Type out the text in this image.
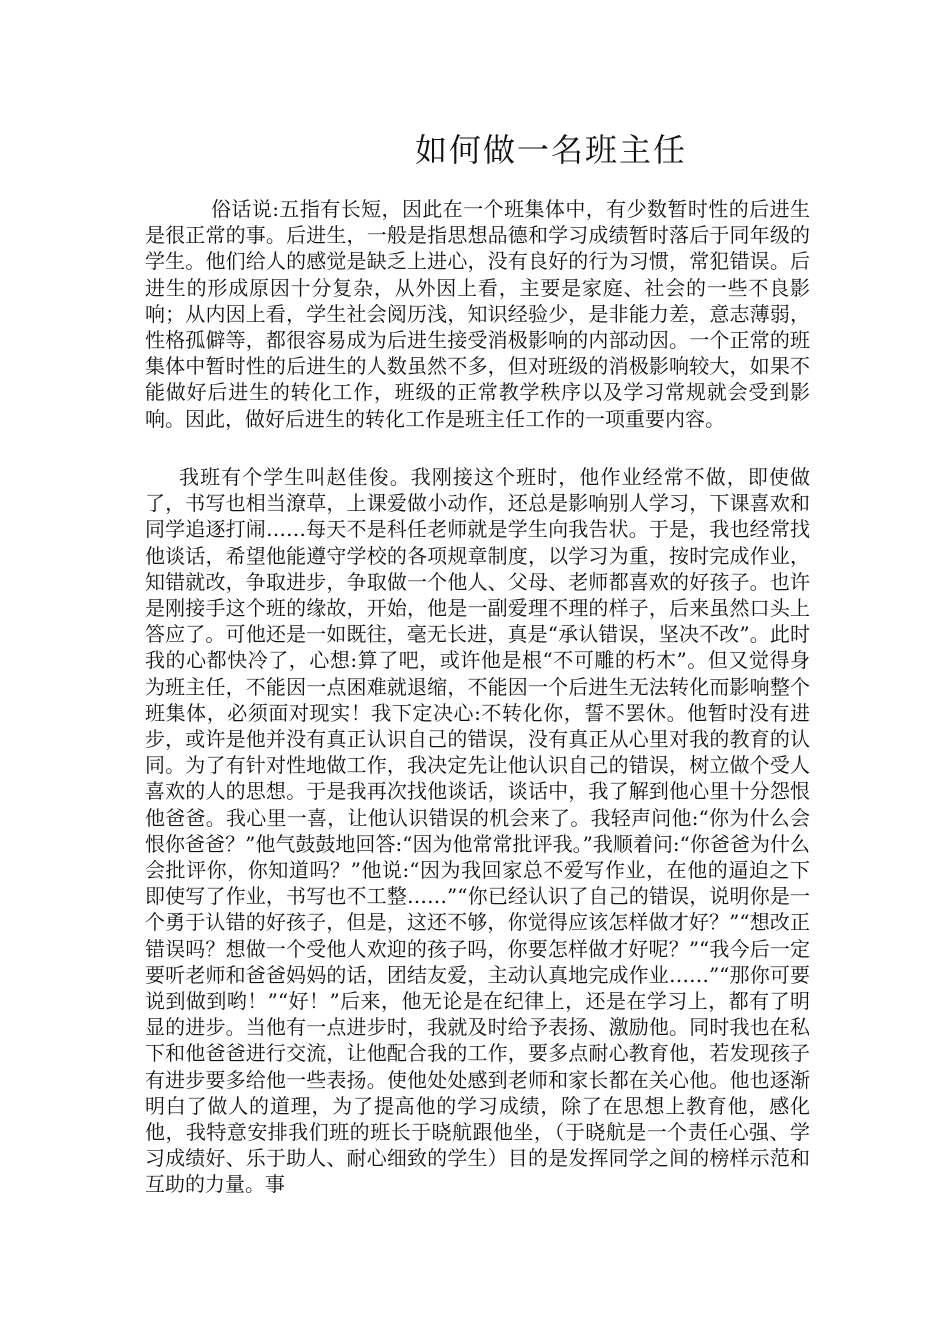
如何做一名班主任

俗话说:五指有长短，因此在一个班集体中，有少数暂时性的后进生是很正常的事。后进生，一般是指思想品德和学习成绩暂时落后于同年级的学生。他们给人的感觉是缺乏上进心，没有良好的行为习惯，常犯错误。后进生的形成原因十分复杂，从外因上看，主要是家庭、社会的一些不良影响；从内因上看，学生社会阅历浅，知识经验少，是非能力差，意志薄弱，性格孤僻等，都很容易成为后进生接受消极影响的内部动因。一个正常的班集体中暂时性的后进生的人数虽然不多，但对班级的消极影响较大，如果不能做好后进生的转化工作，班级的正常教学秩序以及学习常规就会受到影响。因此，做好后进生的转化工作是班主任工作的一项重要内容。

我班有个学生叫赵佳俊。我刚接这个班时，他作业经常不做，即使做了，书写也相当潦草，上课爱做小动作，还总是影响别人学习，下课喜欢和同学追逐打闹……每天不是科任老师就是学生向我告状。于是，我也经常找他谈话，希望他能遵守学校的各项规章制度，以学习为重，按时完成作业，知错就改，争取进步，争取做一个他人、父母、老师都喜欢的好孩子。也许是刚接手这个班的缘故，开始，他是一副爱理不理的样子，后来虽然口头上答应了。可他还是一如既往，毫无长进，真是“承认错误，坚决不改”。此时我的心都快冷了，心想:算了吧，或许他是根“不可雕的朽木”。但又觉得身为班主任，不能因一点困难就退缩，不能因一个后进生无法转化而影响整个班集体，必须面对现实！我下定决心:不转化你，誓不罢休。他暂时没有进步，或许是他并没有真正认识自己的错误，没有真正从心里对我的教育的认同。为了有针对性地做工作，我决定先让他认识自己的错误，树立做个受人喜欢的人的思想。于是我再次找他谈话，谈话中，我了解到他心里十分怨恨他爸爸。我心里一喜，让他认识错误的机会来了。我轻声问他:“你为什么会恨你爸爸？”他气鼓鼓地回答:“因为他常常批评我。”我顺着问:“你爸爸为什么会批评你，你知道吗？”他说:“因为我回家总不爱写作业，在他的逼迫之下即使写了作业，书写也不工整……”“你已经认识了自己的错误，说明你是一个勇于认错的好孩子，但是，这还不够，你觉得应该怎样做才好？”“想改正错误吗？想做一个受他人欢迎的孩子吗，你要怎样做才好呢？”“我今后一定要听老师和爸爸妈妈的话，团结友爱，主动认真地完成作业……”“那你可要说到做到哟！”“好！”后来，他无论是在纪律上，还是在学习上，都有了明显的进步。当他有一点进步时，我就及时给予表扬、激励他。同时我也在私下和他爸爸进行交流，让他配合我的工作，要多点耐心教育他，若发现孩子有进步要多给他一些表扬。使他处处感到老师和家长都在关心他。他也逐渐明白了做人的道理，为了提高他的学习成绩，除了在思想上教育他，感化他，我特意安排我们班的班长于晓航跟他坐，（于晓航是一个责任心强、学习成绩好、乐于助人、耐心细致的学生）目的是发挥同学之间的榜样示范和互助的力量。事
